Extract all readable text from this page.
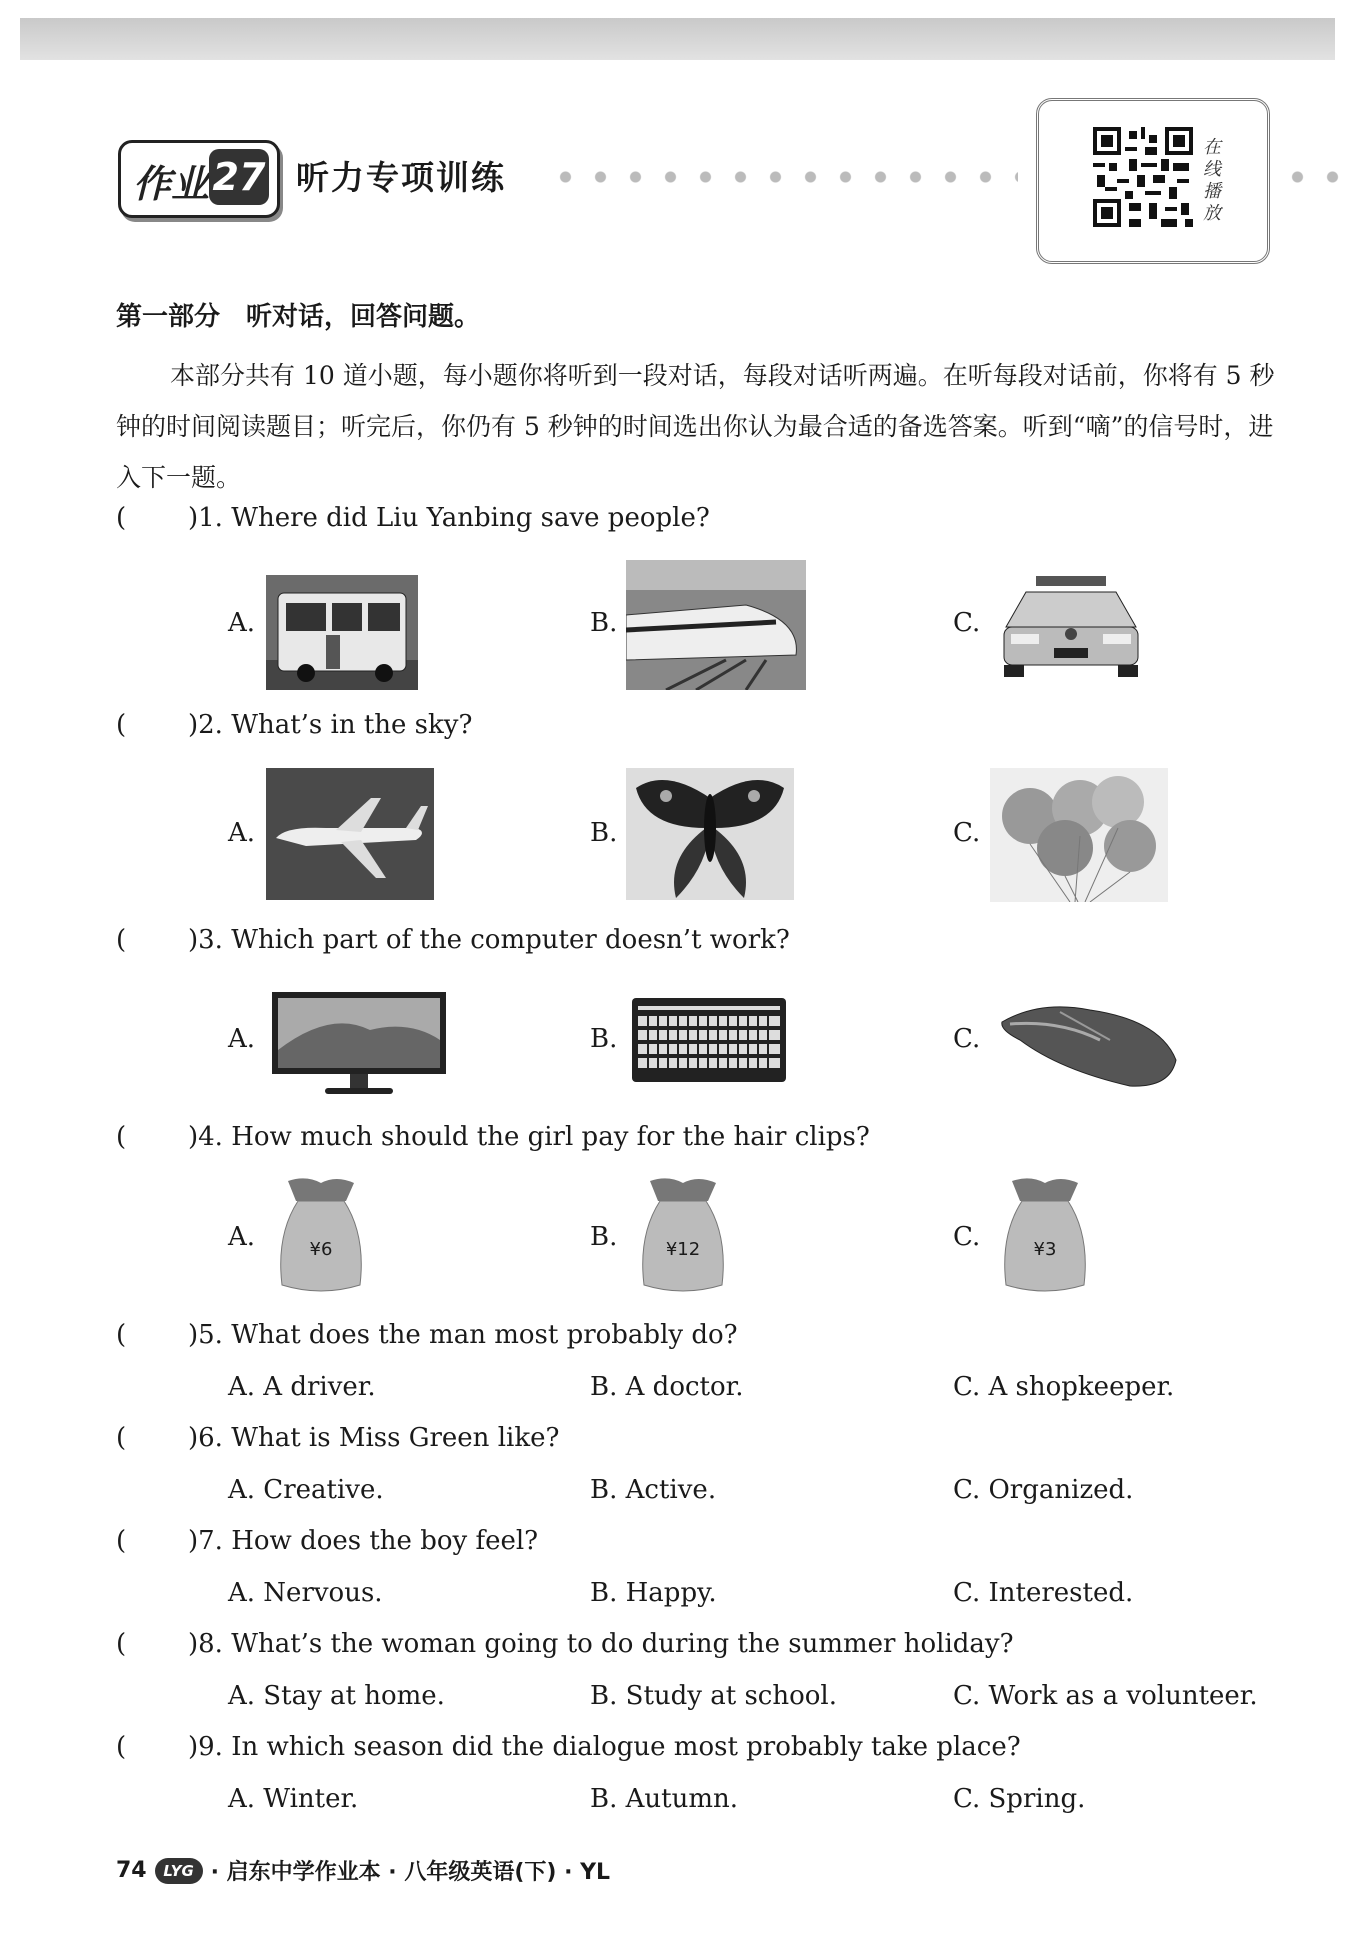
作业 27 听力专项训练
在线播放
第一部分　听对话，回答问题。
本部分共有 10 道小题，每小题你将听到一段对话，每段对话听两遍。在听每段对话前，你将有 5 秒钟的时间阅读题目；听完后，你仍有 5 秒钟的时间选出你认为最合适的备选答案。听到“嘀”的信号时，进入下一题。
( )1. Where did Liu Yanbing save people?
A.	B.	C.
( )2. What’s in the sky?
A.	B.	C.
( )3. Which part of the computer doesn’t work?
A.	B.	C.
( )4. How much should the girl pay for the hair clips?
A.	B.	C.
¥6	¥12	¥3
( )5. What does the man most probably do?
A. A driver.	B. A doctor.	C. A shopkeeper.
( )6. What is Miss Green like?
A. Creative.	B. Active.	C. Organized.
( )7. How does the boy feel?
A. Nervous.	B. Happy.	C. Interested.
( )8. What’s the woman going to do during the summer holiday?
A. Stay at home.	B. Study at school.	C. Work as a volunteer.
( )9. In which season did the dialogue most probably take place?
A. Winter.	B. Autumn.	C. Spring.
74	LYG · 启东中学作业本 · 八年级英语(下) · YL
